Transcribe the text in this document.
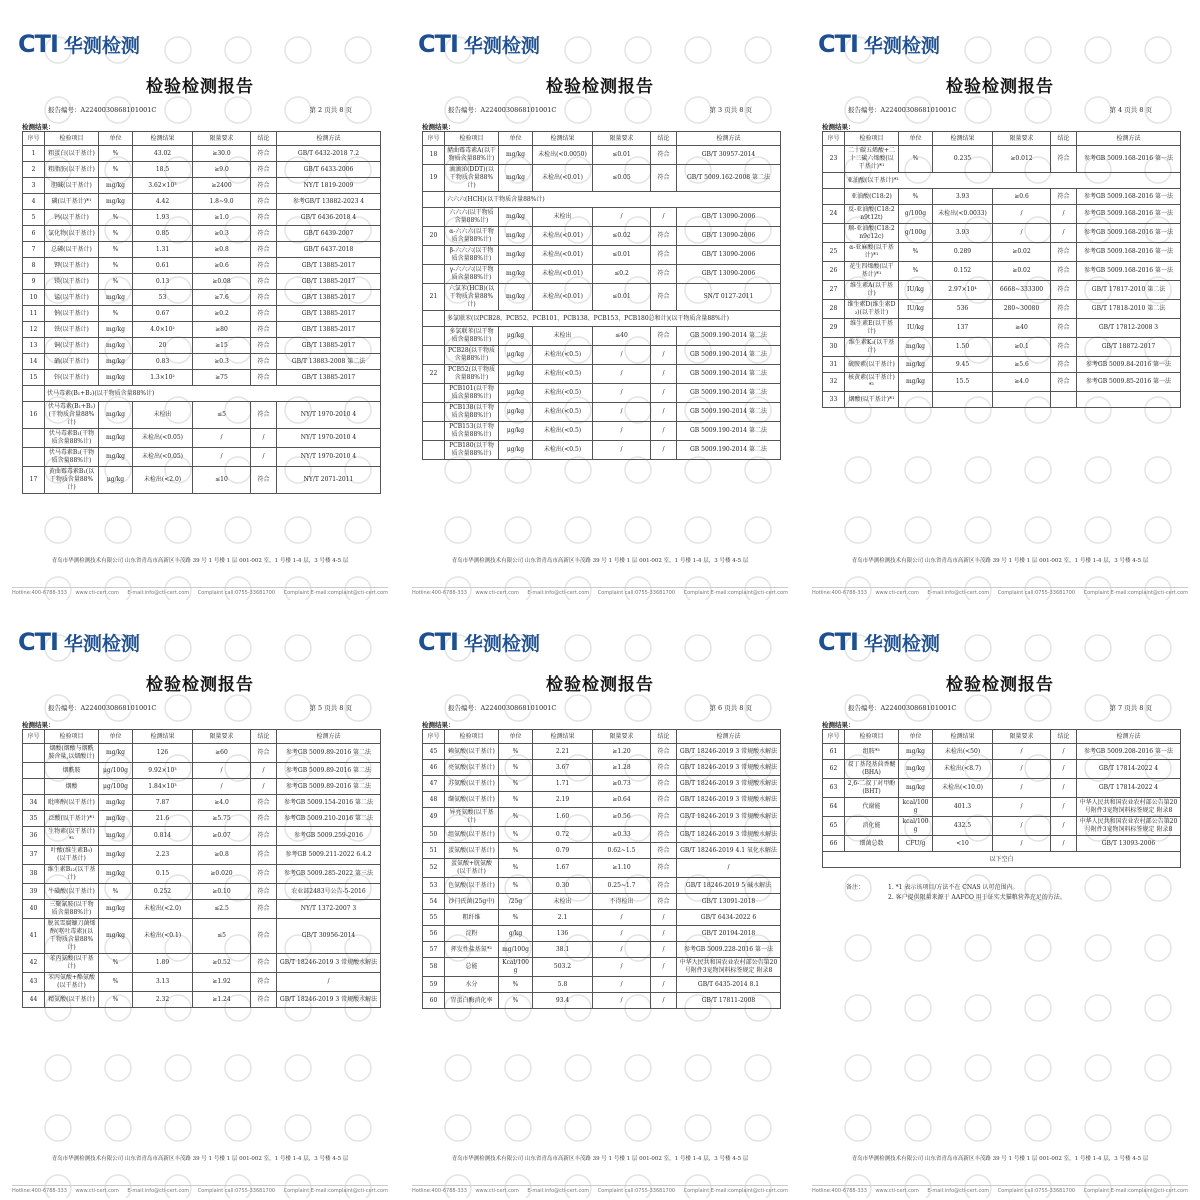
CTI 华测检测
检验检测报告
报告编号：A2240030868101001C	第 2 页共 8 页
检测结果：
序号	检验项目	单位	检测结果	限量要求	结论	检测方法
1	粗蛋白(以干基计)	%	43.02	≥30.0	符合	GB/T 6432-2018 7.2
2	粗脂肪(以干基计)	%	18.5	≥9.0	符合	GB/T 6433-2006
3	胆碱(以干基计)	mg/kg	3.62×10³	≥2400	符合	NY/T 1819-2009
4	磷(以干基计)*¹	mg/kg	4.42	1.8~9.0	符合	参考GB/T 13882-2023 4
5	钙(以干基计)	%	1.93	≥1.0	符合	GB/T 6436-2018 4
6	氯化物(以干基计)	%	0.85	≥0.3	符合	GB/T 6439-2007
7	总磷(以干基计)	%	1.31	≥0.8	符合	GB/T 6437-2018
8	钾(以干基计)	%	0.61	≥0.6	符合	GB/T 13885-2017
9	镁(以干基计)	%	0.13	≥0.08	符合	GB/T 13885-2017
10	锰(以干基计)	mg/kg	53	≥7.6	符合	GB/T 13885-2017
11	钠(以干基计)	%	0.67	≥0.2	符合	GB/T 13885-2017
12	铁(以干基计)	mg/kg	4.0×10²	≥80	符合	GB/T 13885-2017
13	铜(以干基计)	mg/kg	20	≥15	符合	GB/T 13885-2017
14	硒(以干基计)	mg/kg	0.83	≥0.3	符合	GB/T 13883-2008 第二法
15	锌(以干基计)	mg/kg	1.3×10²	≥75	符合	GB/T 13885-2017
	伏马毒素(B₁+B₂)(以干物质含量88%计)					
16	伏马毒素(B₁+B₂)(干物质含量88%计)	mg/kg	未检出	≤5	符合	NY/T 1970-2010 4
	伏马毒素B₁(干物质含量88%计)	mg/kg	未检出(<0.05)	/	/	NY/T 1970-2010 4
	伏马毒素B₂(干物质含量88%计)	mg/kg	未检出(<0.05)	/	/	NY/T 1970-2010 4
17	黄曲霉毒素B₁(以干物质含量88%计)	μg/kg	未检出(<2.0)	≤10	符合	NY/T 2071-2011
青岛市华测检测技术有限公司 山东省青岛市高新区丰茂路 39 号 1 号楼 1 层 001-002 室，1 号楼 1-4 层，3 号楼 4-5 层
Hotline:400-6788-333 www.cti-cert.com E-mail:info@cti-cert.com Complaint call:0755-33681700 Complaint E-mail:complaint@cti-cert.com
CTI 华测检测
检验检测报告
报告编号：A2240030868101001C	第 3 页共 8 页
检测结果：
序号	检验项目	单位	检测结果	限量要求	结论	检测方法
18	赭曲霉毒素A(以干物质含量88%计)	mg/kg	未检出(<0.0050)	≤0.01	符合	GB/T 30957-2014
19	滴滴涕(DDT)(以干物质含量88%计)	mg/kg	未检出(<0.01)	≤0.05	符合	GB/T 5009.162-2008 第二法
	六六六(HCH)(以干物质含量88%计)					
	六六六(以干物质含量88%计)	mg/kg	未检出	/	/	GB/T 13090-2006
20	α-六六六(以干物质含量88%计)	mg/kg	未检出(<0.01)	≤0.02	符合	GB/T 13090-2006
	β-六六六(以干物质含量88%计)	mg/kg	未检出(<0.01)	≤0.01	符合	GB/T 13090-2006
	γ-六六六(以干物质含量88%计)	mg/kg	未检出(<0.01)	≤0.2	符合	GB/T 13090-2006
21	六氯苯(HCB)(以干物质含量88%计)	mg/kg	未检出(<0.01)	≤0.01	符合	SN/T 0127-2011
	多氯联苯(以PCB28、PCB52、PCB101、PCB138、PCB153、PCB180总和计)(以干物质含量88%计)					
	多氯联苯(以干物质含量88%计)	μg/kg	未检出	≤40	符合	GB 5009.190-2014 第二法
	PCB28(以干物质含量88%计)	μg/kg	未检出(<0.5)	/	/	GB 5009.190-2014 第二法
22	PCB52(以干物质含量88%计)	μg/kg	未检出(<0.5)	/	/	GB 5009.190-2014 第二法
	PCB101(以干物质含量88%计)	μg/kg	未检出(<0.5)	/	/	GB 5009.190-2014 第二法
	PCB138(以干物质含量88%计)	μg/kg	未检出(<0.5)	/	/	GB 5009.190-2014 第二法
	PCB153(以干物质含量88%计)	μg/kg	未检出(<0.5)	/	/	GB 5009.190-2014 第二法
	PCB180(以干物质含量88%计)	μg/kg	未检出(<0.5)	/	/	GB 5009.190-2014 第二法
青岛市华测检测技术有限公司 山东省青岛市高新区丰茂路 39 号 1 号楼 1 层 001-002 室，1 号楼 1-4 层，3 号楼 4-5 层
Hotline:400-6788-333 www.cti-cert.com E-mail:info@cti-cert.com Complaint call:0755-33681700 Complaint E-mail:complaint@cti-cert.com
CTI 华测检测
检验检测报告
报告编号：A2240030868101001C	第 4 页共 8 页
检测结果：
序号	检验项目	单位	检测结果	限量要求	结论	检测方法
23	二十碳五烯酸+二十二碳六烯酸(以干基计)*¹	%	0.235	≥0.012	符合	参考GB 5009.168-2016 第一法
	亚油酸(以干基计)*¹					
	亚油酸(C18:2)	%	3.93	≥0.6	符合	参考GB 5009.168-2016 第一法
24	反-亚油酸(C18:2n9t12t)	g/100g	未检出(<0.0033)	/	/	参考GB 5009.168-2016 第一法
	顺-亚油酸(C18:2n9c12c)	g/100g	3.93	/	/	参考GB 5009.168-2016 第一法
25	α-亚麻酸(以干基计)*¹	%	0.289	≥0.02	符合	参考GB 5009.168-2016 第一法
26	花生四烯酸(以干基计)*¹	%	0.152	≥0.02	符合	参考GB 5009.168-2016 第一法
27	维生素A(以干基计)	IU/kg	2.97×10⁴	6668~333300	符合	GB/T 17817-2010 第二法
28	维生素D(维生素D₃)(以干基计)	IU/kg	536	280~30080	符合	GB/T 17818-2010 第二法
29	维生素E(以干基计)	IU/kg	137	≥40	符合	GB/T 17812-2008 3
30	维生素K₃(以干基计)	mg/kg	1.50	≥0.1	符合	GB/T 18872-2017
31	硫胺素(以干基计)	mg/kg	9.45	≥5.6	符合	参考GB 5009.84-2016 第一法
32	核黄素(以干基计)*¹	mg/kg	15.5	≥4.0	符合	参考GB 5009.85-2016 第一法
33	烟酸(以干基计)*¹					
青岛市华测检测技术有限公司 山东省青岛市高新区丰茂路 39 号 1 号楼 1 层 001-002 室，1 号楼 1-4 层，3 号楼 4-5 层
Hotline:400-6788-333 www.cti-cert.com E-mail:info@cti-cert.com Complaint call:0755-33681700 Complaint E-mail:complaint@cti-cert.com
CTI 华测检测
检验检测报告
报告编号：A2240030868101001C	第 5 页共 8 页
检测结果：
序号	检验项目	单位	检测结果	限量要求	结论	检测方法
	烟酸(烟酸与烟酰胺含量,以烟酸计)	mg/kg	126	≥60	符合	参考GB 5009.89-2016 第二法
	烟酰胺	μg/100g	9.92×10³	/	/	参考GB 5009.89-2016 第二法
	烟酸	μg/100g	1.84×10³	/	/	参考GB 5009.89-2016 第二法
34	吡哆醇(以干基计)	mg/kg	7.87	≥4.0	符合	参考GB 5009.154-2016 第二法
35	泛酸(以干基计)*¹	mg/kg	21.6	≥5.75	符合	参考GB 5009.210-2016 第二法
36	生物素(以干基计)*¹	mg/kg	0.814	≥0.07	符合	参考GB 5009.259-2016
37	叶酸(维生素B₉)(以干基计)	mg/kg	2.23	≥0.8	符合	参考GB 5009.211-2022 6.4.2
38	维生素B₁₂(以干基计)	mg/kg	0.15	≥0.020	符合	参考GB 5009.285-2022 第三法
39	牛磺酸(以干基计)	%	0.252	≥0.10	符合	农业部2483号公告-5-2016
40	三聚氰胺(以干物质含量88%计)	mg/kg	未检出(<2.0)	≤2.5	符合	NY/T 1372-2007 3
41	脱氧雪腐镰刀菌烯醇(呕吐毒素)(以干物质含量88%计)	mg/kg	未检出(<0.1)	≤5	符合	GB/T 30956-2014
42	苯丙氨酸(以干基计)	%	1.89	≥0.52	符合	GB/T 18246-2019 3 常规酸水解法
43	苯丙氨酸+酪氨酸(以干基计)	%	3.13	≥1.92	符合	/
44	精氨酸(以干基计)	%	2.32	≥1.24	符合	GB/T 18246-2019 3 常规酸水解法
青岛市华测检测技术有限公司 山东省青岛市高新区丰茂路 39 号 1 号楼 1 层 001-002 室，1 号楼 1-4 层，3 号楼 4-5 层
Hotline:400-6788-333 www.cti-cert.com E-mail:info@cti-cert.com Complaint call:0755-33681700 Complaint E-mail:complaint@cti-cert.com
CTI 华测检测
检验检测报告
报告编号：A2240030868101001C	第 6 页共 8 页
检测结果：
序号	检验项目	单位	检测结果	限量要求	结论	检测方法
45	赖氨酸(以干基计)	%	2.21	≥1.20	符合	GB/T 18246-2019 3 常规酸水解法
46	亮氨酸(以干基计)	%	3.67	≥1.28	符合	GB/T 18246-2019 3 常规酸水解法
47	苏氨酸(以干基计)	%	1.71	≥0.73	符合	GB/T 18246-2019 3 常规酸水解法
48	缬氨酸(以干基计)	%	2.19	≥0.64	符合	GB/T 18246-2019 3 常规酸水解法
49	异亮氨酸(以干基计)	%	1.60	≥0.56	符合	GB/T 18246-2019 3 常规酸水解法
50	组氨酸(以干基计)	%	0.72	≥0.33	符合	GB/T 18246-2019 3 常规酸水解法
51	蛋氨酸(以干基计)	%	0.79	0.62~1.5	符合	GB/T 18246-2019 4.1 氧化水解法
52	蛋氨酸+胱氨酸(以干基计)	%	1.67	≥1.10	符合	/
53	色氨酸(以干基计)	%	0.30	0.25~1.7	符合	GB/T 18246-2019 5 碱水解法
54	沙门氏菌(25g中)	/25g	未检出	不得检出	符合	GB/T 13091-2018
55	粗纤维	%	2.1	/	/	GB/T 6434-2022 6
56	淀粉	g/kg	136	/	/	GB/T 20194-2018
57	挥发性盐基氮*¹	mg/100g	38.1	/	/	参考GB 5009.228-2016 第一法
58	总能	Kcal/100g	503.2	/	/	中华人民共和国农业农村部公告第20号附件3宠物饲料标签规定 附录8
59	水分	%	5.8	/	/	GB/T 6435-2014 8.1
60	胃蛋白酶消化率	%	93.4	/	/	GB/T 17811-2008
青岛市华测检测技术有限公司 山东省青岛市高新区丰茂路 39 号 1 号楼 1 层 001-002 室，1 号楼 1-4 层，3 号楼 4-5 层
Hotline:400-6788-333 www.cti-cert.com E-mail:info@cti-cert.com Complaint call:0755-33681700 Complaint E-mail:complaint@cti-cert.com
CTI 华测检测
检验检测报告
报告编号：A2240030868101001C	第 7 页共 8 页
检测结果：
序号	检验项目	单位	检测结果	限量要求	结论	检测方法
61	组胺*¹	mg/kg	未检出(<50)	/	/	参考GB 5009.208-2016 第一法
62	叔丁基羟基茴香醚(BHA)	mg/kg	未检出(<8.7)	/	/	GB/T 17814-2022 4
63	2,6-二叔丁对甲酚(BHT)	mg/kg	未检出(<10.0)	/	/	GB/T 17814-2022 4
64	代谢能	kcal/100g	401.3	/	/	中华人民共和国农业农村部公告第20号附件3宠物饲料标签规定 附录8
65	消化能	kcal/100g	432.5	/	/	中华人民共和国农业农村部公告第20号附件3宠物饲料标签规定 附录8
66	细菌总数	CFU/g	<10	/	/	GB/T 13093-2006
以下空白						
备注：	1. *1 表示该项目/方法不在 CNAS 认可范围内。
2. 客户提供限量来源于 AAFCO 用于证实犬猫粮营养充足的方法。
青岛市华测检测技术有限公司 山东省青岛市高新区丰茂路 39 号 1 号楼 1 层 001-002 室，1 号楼 1-4 层，3 号楼 4-5 层
Hotline:400-6788-333 www.cti-cert.com E-mail:info@cti-cert.com Complaint call:0755-33681700 Complaint E-mail:complaint@cti-cert.com
